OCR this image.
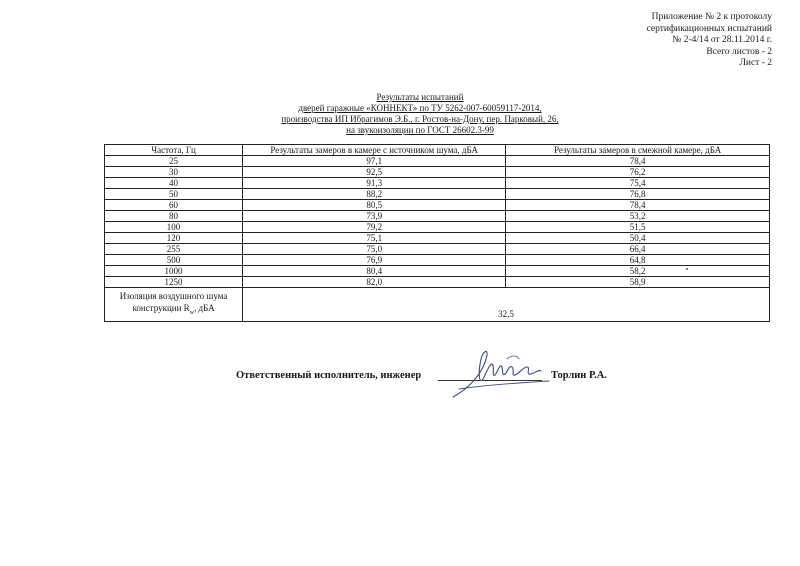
Приложение № 2 к протоколу
сертификационных испытаний
№ 2-4/14 от 28.11.2014 г.
Всего листов - 2
Лист - 2
Результаты испытаний
дверей гаражные «КОННЕКТ» по ТУ 5262-007-60059117-2014,
производства ИП Ибрагимов Э.Б., г. Ростов-на-Дону, пер. Парковый, 26,
на звукоизоляции по ГОСТ 26602.3-99
Частота, Гц	Результаты замеров в камере с источником шума, дБА	Результаты замеров в смежной камере, дБА
25	97,1	78,4
30	92,5	76,2
40	91,3	75,4
50	88,2	76,8
60	80,5	78,4
80	73,9	53,2
100	79,2	51,5
120	75,1	50,4
255	75,0	66,4
500	76,9	64,8
1000	80,4	58,2
1250	82,0	58,9
Изоляция воздушного шума
конструкции $R_w$, дБА	32,5	
Ответственный исполнитель, инженер	Торлин Р.А.
